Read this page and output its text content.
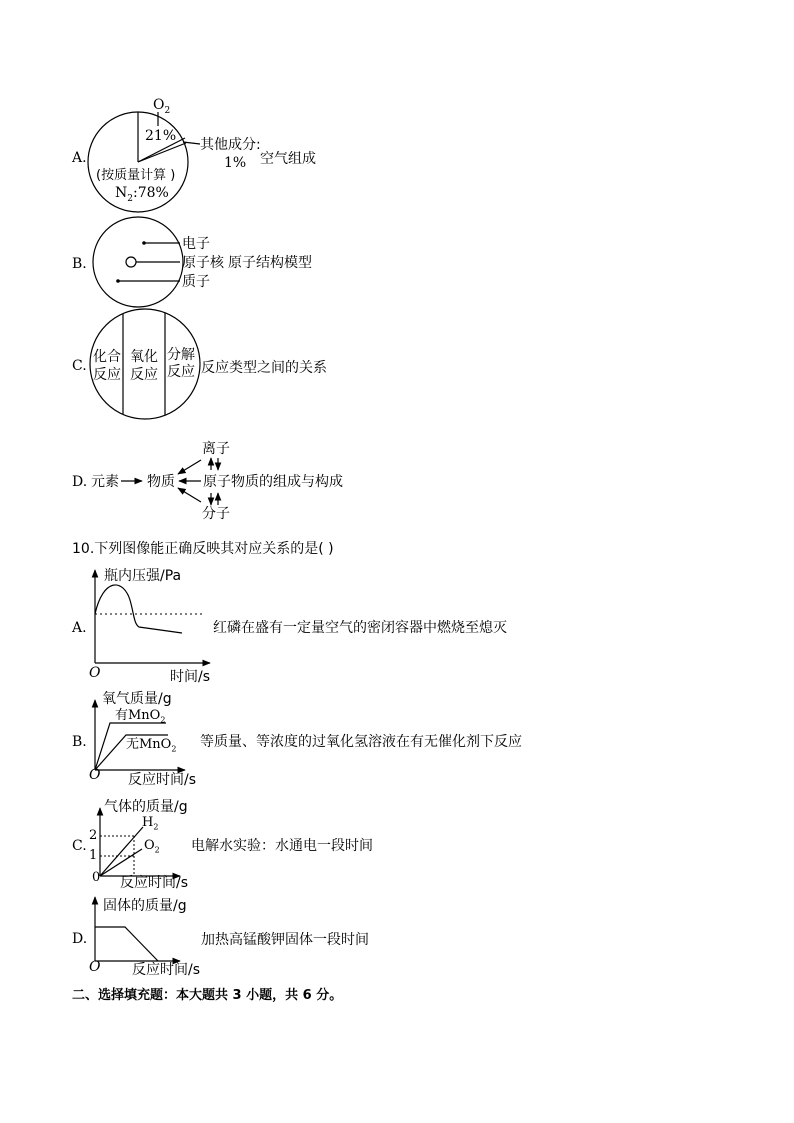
A.
$O_2$
21%
其他成分:
1%
(按质量计算 )
$N_2:78\%$
空气组成
B.
电子
原子核 原子结构模型
质子
C.
化合
反应
氧化
反应
分解
反应 反应类型之间的关系
D. 元素 物质
离子
原子 物质的组成与构成
分子
10.下列图像能正确反映其对应关系的是( )
A.
瓶内压强/Pa
O	时间/s
红磷在盛有一定量空气的密闭容器中燃烧至熄灭
B.
氧气质量/g
有MnO$_2$
无MnO$_2$
O 反应时间/s
等质量、等浓度的过氧化氢溶液在有无催化剂下反应
C.
气体的质量/g
$H_2$
$O_2$
2
1
0 反应时间/s
电解水实验：水通电一段时间
D.
固体的质量/g
O 反应时间/s
加热高锰酸钾固体一段时间
二、选择填充题：本大题共 3 小题，共 6 分。
